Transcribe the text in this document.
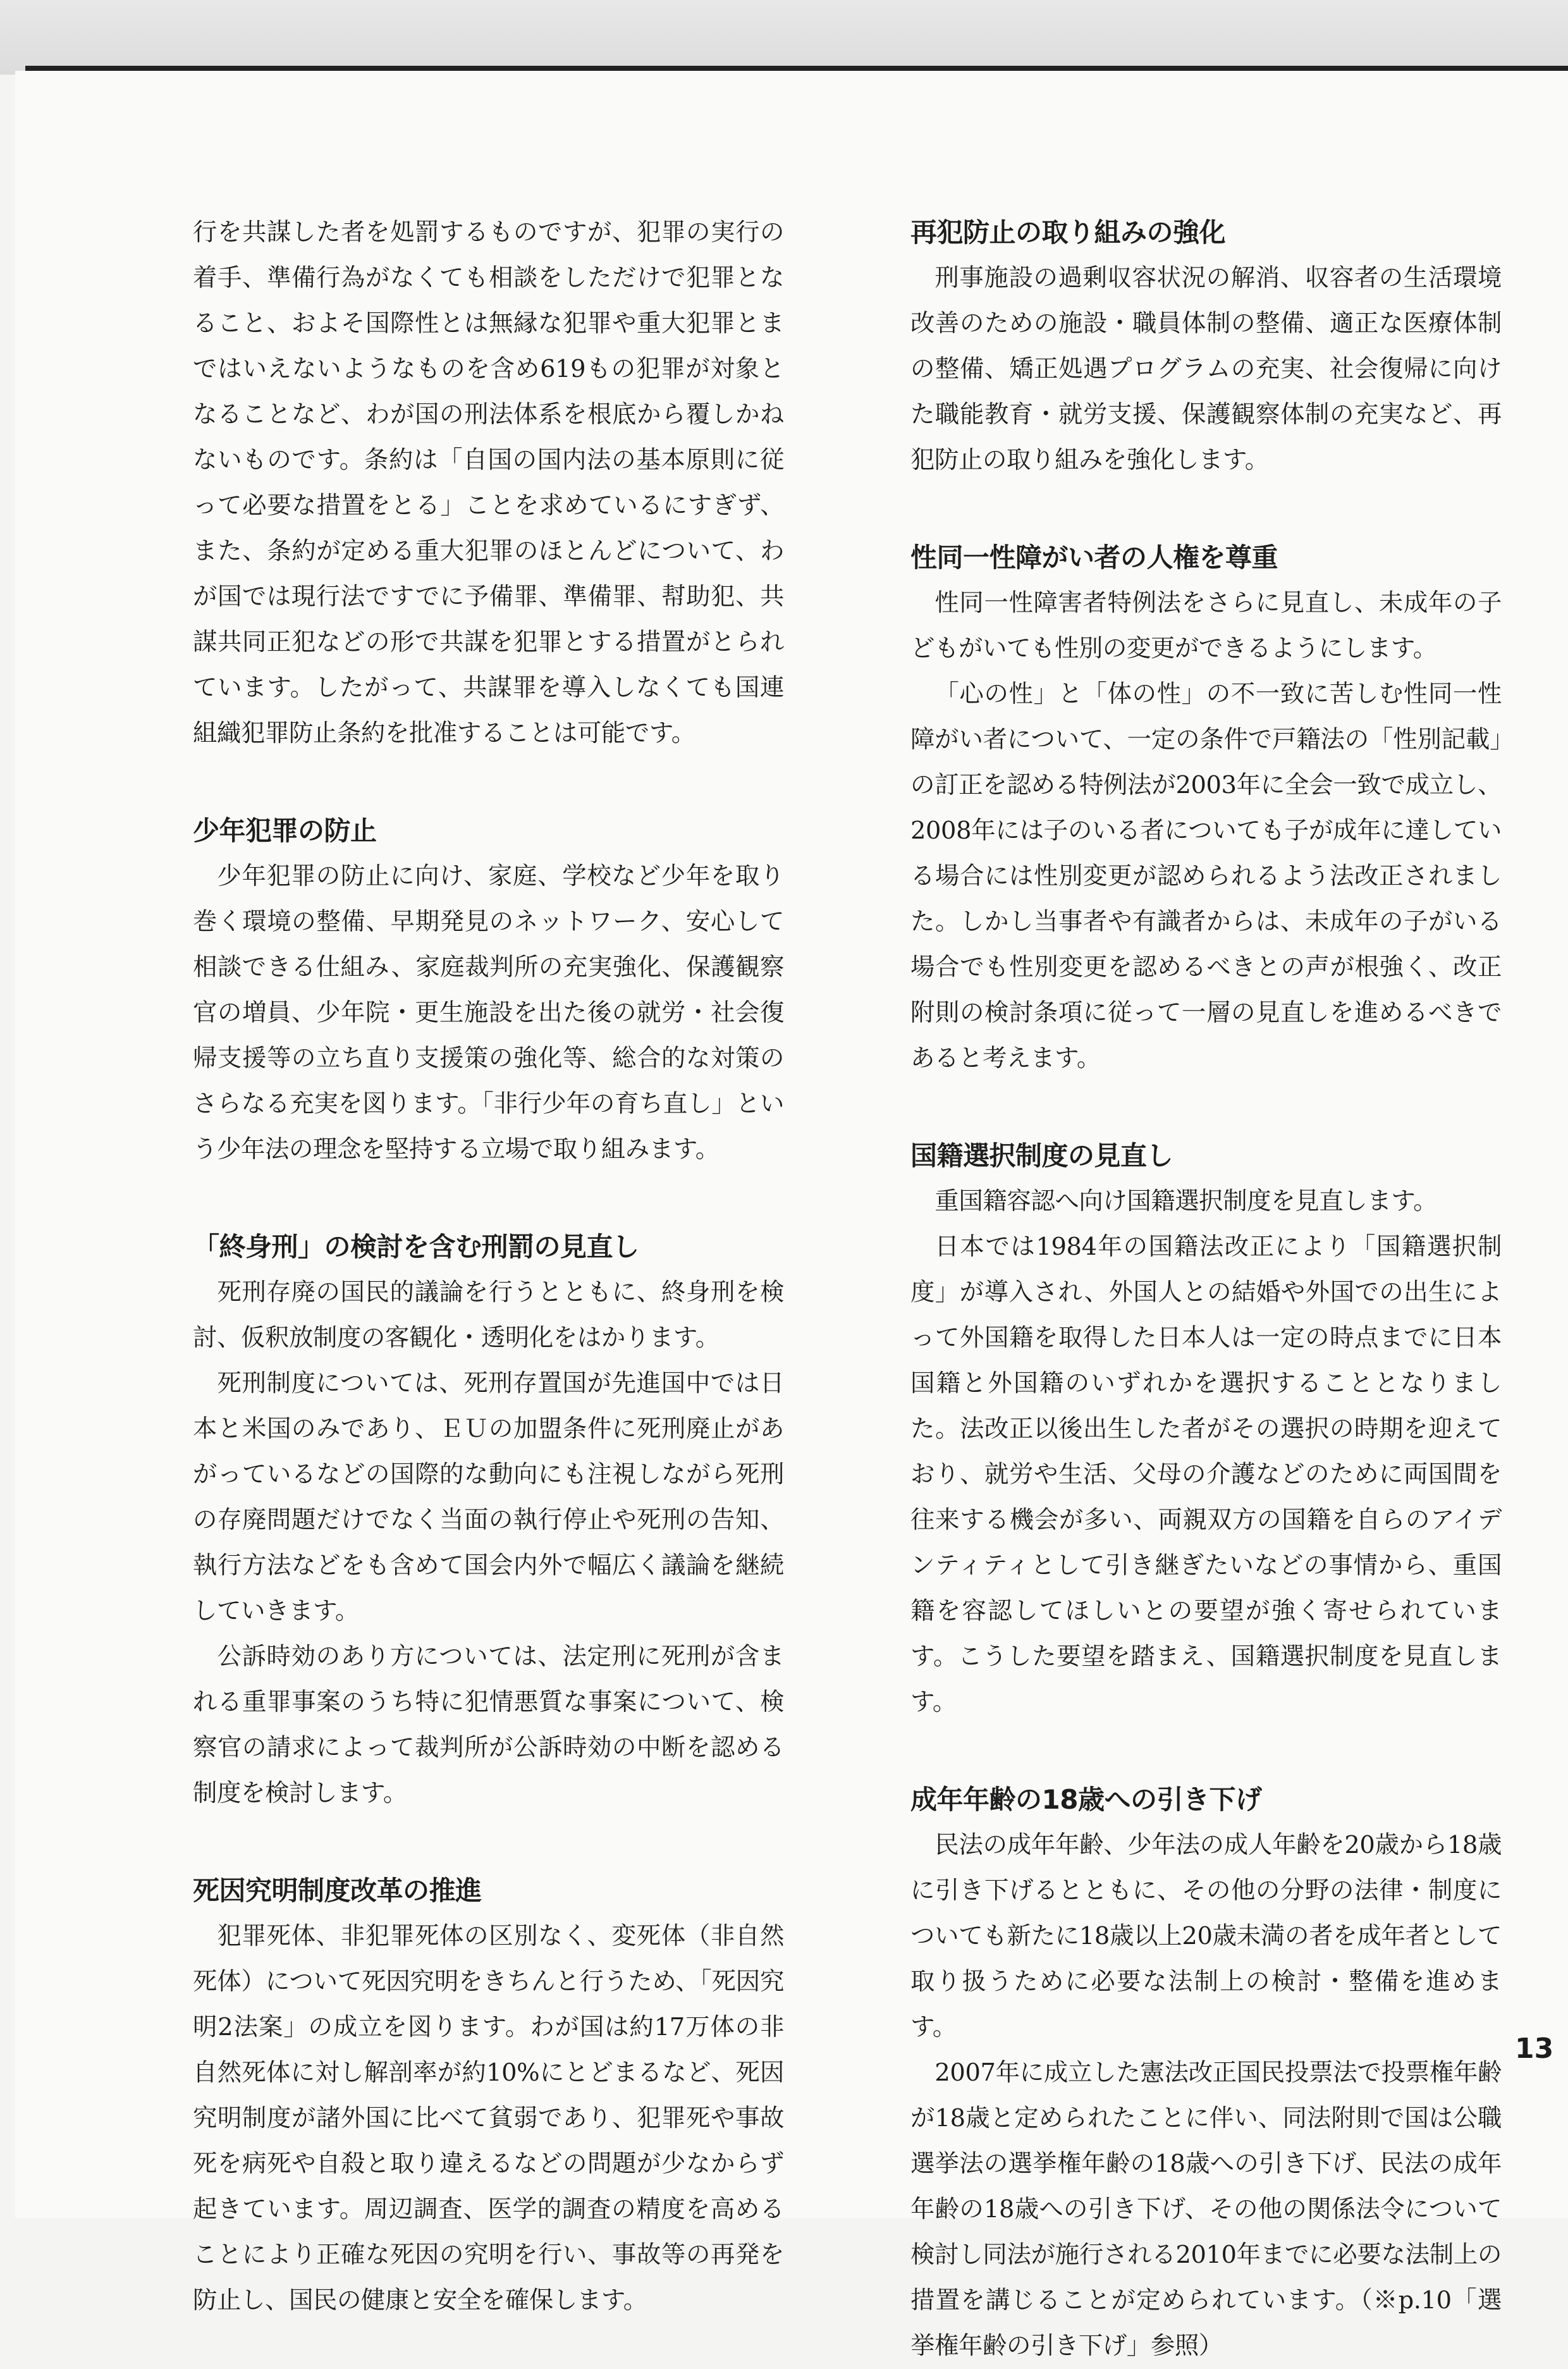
行を共謀した者を処罰するものですが、犯罪の実行の着手、準備行為がなくても相談をしただけで犯罪となること、およそ国際性とは無縁な犯罪や重大犯罪とまではいえないようなものを含め619もの犯罪が対象となることなど、わが国の刑法体系を根底から覆しかねないものです。条約は「自国の国内法の基本原則に従って必要な措置をとる」ことを求めているにすぎず、また、条約が定める重大犯罪のほとんどについて、わが国では現行法ですでに予備罪、準備罪、幇助犯、共謀共同正犯などの形で共謀を犯罪とする措置がとられています。したがって、共謀罪を導入しなくても国連組織犯罪防止条約を批准することは可能です。

少年犯罪の防止

少年犯罪の防止に向け、家庭、学校など少年を取り巻く環境の整備、早期発見のネットワーク、安心して相談できる仕組み、家庭裁判所の充実強化、保護観察官の増員、少年院・更生施設を出た後の就労・社会復帰支援等の立ち直り支援策の強化等、総合的な対策のさらなる充実を図ります。「非行少年の育ち直し」という少年法の理念を堅持する立場で取り組みます。

「終身刑」の検討を含む刑罰の見直し

死刑存廃の国民的議論を行うとともに、終身刑を検討、仮釈放制度の客観化・透明化をはかります。

死刑制度については、死刑存置国が先進国中では日本と米国のみであり、ＥＵの加盟条件に死刑廃止があがっているなどの国際的な動向にも注視しながら死刑の存廃問題だけでなく当面の執行停止や死刑の告知、執行方法などをも含めて国会内外で幅広く議論を継続していきます。

公訴時効のあり方については、法定刑に死刑が含まれる重罪事案のうち特に犯情悪質な事案について、検察官の請求によって裁判所が公訴時効の中断を認める制度を検討します。

死因究明制度改革の推進

犯罪死体、非犯罪死体の区別なく、変死体（非自然死体）について死因究明をきちんと行うため、「死因究明2法案」の成立を図ります。わが国は約17万体の非自然死体に対し解剖率が約10%にとどまるなど、死因究明制度が諸外国に比べて貧弱であり、犯罪死や事故死を病死や自殺と取り違えるなどの問題が少なからず起きています。周辺調査、医学的調査の精度を高めることにより正確な死因の究明を行い、事故等の再発を防止し、国民の健康と安全を確保します。

再犯防止の取り組みの強化

刑事施設の過剰収容状況の解消、収容者の生活環境改善のための施設・職員体制の整備、適正な医療体制の整備、矯正処遇プログラムの充実、社会復帰に向けた職能教育・就労支援、保護観察体制の充実など、再犯防止の取り組みを強化します。

性同一性障がい者の人権を尊重

性同一性障害者特例法をさらに見直し、未成年の子どもがいても性別の変更ができるようにします。

「心の性」と「体の性」の不一致に苦しむ性同一性障がい者について、一定の条件で戸籍法の「性別記載」の訂正を認める特例法が2003年に全会一致で成立し、2008年には子のいる者についても子が成年に達している場合には性別変更が認められるよう法改正されました。しかし当事者や有識者からは、未成年の子がいる場合でも性別変更を認めるべきとの声が根強く、改正附則の検討条項に従って一層の見直しを進めるべきであると考えます。

国籍選択制度の見直し

重国籍容認へ向け国籍選択制度を見直します。

日本では1984年の国籍法改正により「国籍選択制度」が導入され、外国人との結婚や外国での出生によって外国籍を取得した日本人は一定の時点までに日本国籍と外国籍のいずれかを選択することとなりました。法改正以後出生した者がその選択の時期を迎えており、就労や生活、父母の介護などのために両国間を往来する機会が多い、両親双方の国籍を自らのアイデンティティとして引き継ぎたいなどの事情から、重国籍を容認してほしいとの要望が強く寄せられています。こうした要望を踏まえ、国籍選択制度を見直します。

成年年齢の18歳への引き下げ

民法の成年年齢、少年法の成人年齢を20歳から18歳に引き下げるとともに、その他の分野の法律・制度についても新たに18歳以上20歳未満の者を成年者として取り扱うために必要な法制上の検討・整備を進めます。

2007年に成立した憲法改正国民投票法で投票権年齢が18歳と定められたことに伴い、同法附則で国は公職選挙法の選挙権年齢の18歳への引き下げ、民法の成年年齢の18歳への引き下げ、その他の関係法令について検討し同法が施行される2010年までに必要な法制上の措置を講じることが定められています。（※p.10「選挙権年齢の引き下げ」参照）

13
